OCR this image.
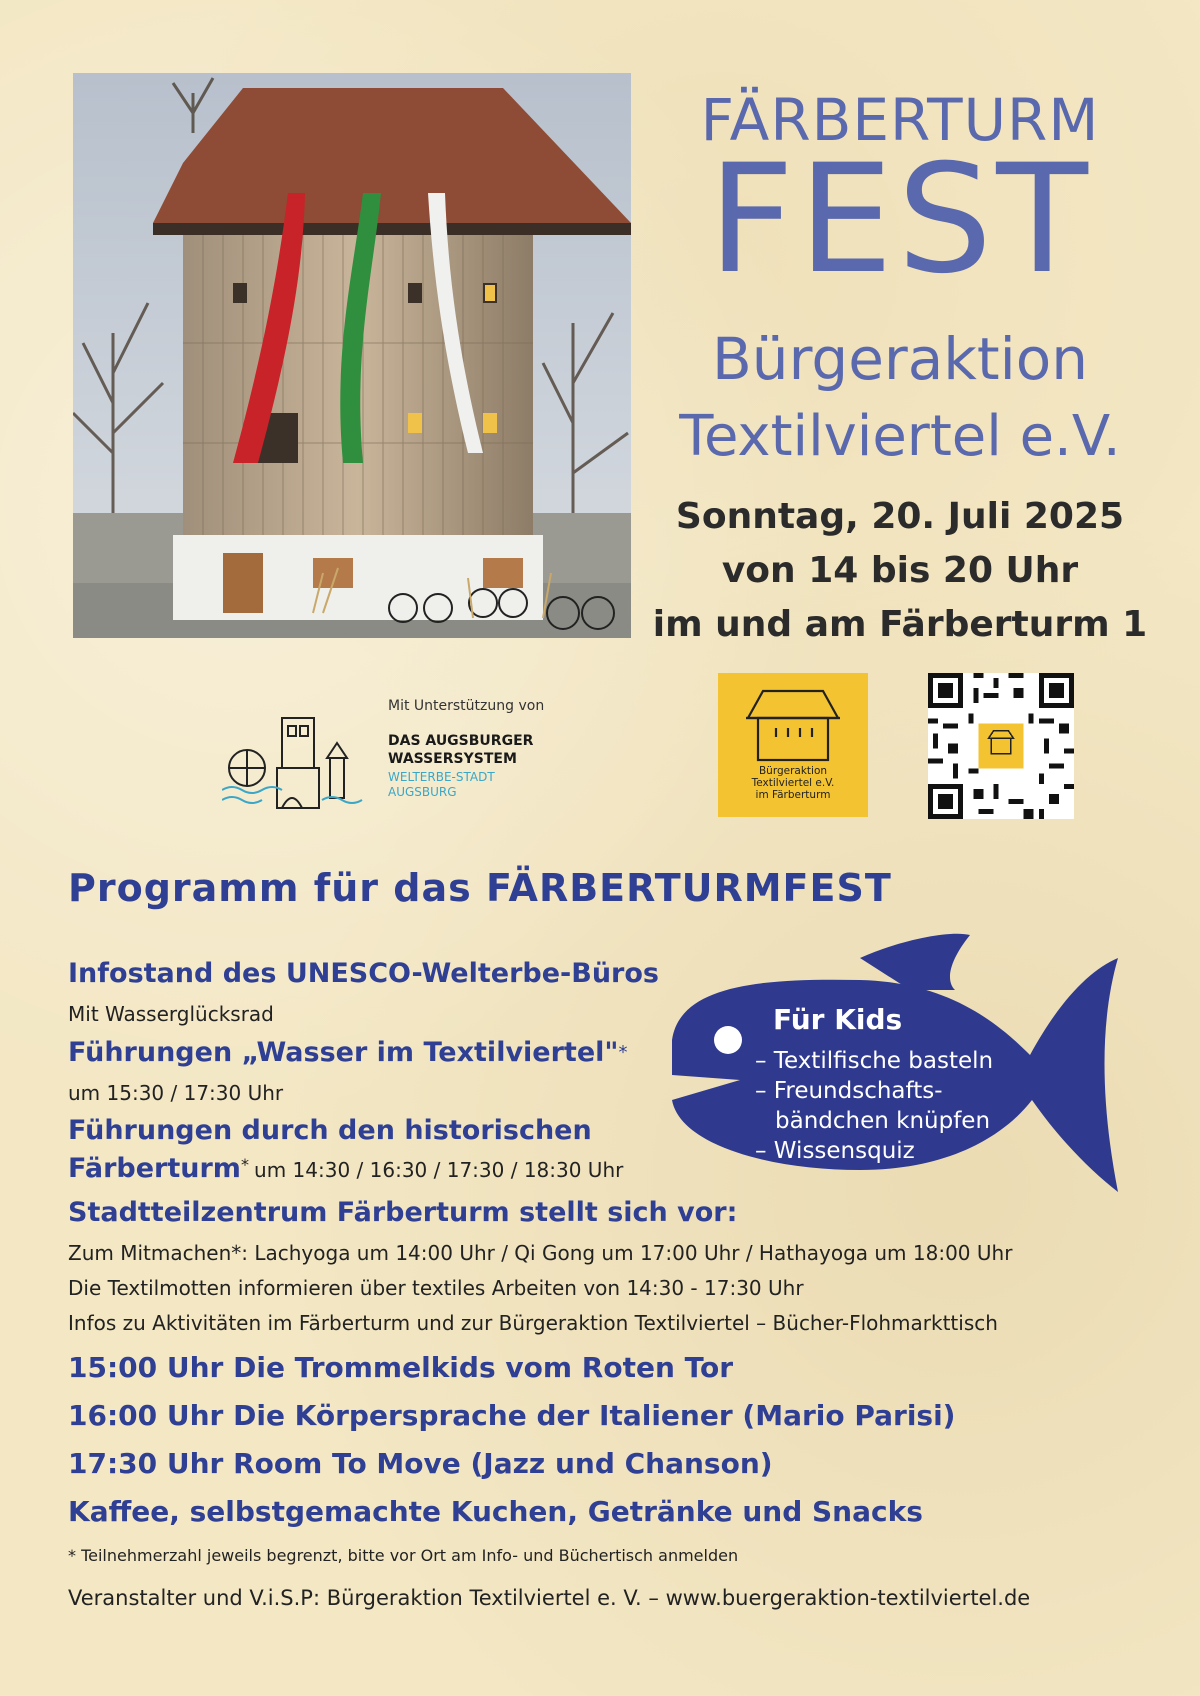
FÄRBERTURM
FEST
Bürgeraktion
Textilviertel e.V.
Sonntag, 20. Juli 2025
von 14 bis 20 Uhr
im und am Färberturm 1
Mit Unterstützung von
DAS AUGSBURGER
WASSERSYSTEM
WELTERBE-STADT
AUGSBURG
Bürgeraktion
Textilviertel e.V.
im Färberturm
Programm für das FÄRBERTURMFEST
Infostand des UNESCO-Welterbe-Büros
Mit Wasserglücksrad
Führungen „Wasser im Textilviertel"*
um 15:30 / 17:30 Uhr
Führungen durch den historischen
Färberturm* um 14:30 / 16:30 / 17:30 / 18:30 Uhr
Stadtteilzentrum Färberturm stellt sich vor:
Zum Mitmachen*: Lachyoga um 14:00 Uhr / Qi Gong um 17:00 Uhr / Hathayoga um 18:00 Uhr
Die Textilmotten informieren über textiles Arbeiten von 14:30 - 17:30 Uhr
Infos zu Aktivitäten im Färberturm und zur Bürgeraktion Textilviertel – Bücher-Flohmarkttisch
15:00 Uhr Die Trommelkids vom Roten Tor
16:00 Uhr Die Körpersprache der Italiener (Mario Parisi)
17:30 Uhr Room To Move (Jazz und Chanson)
Kaffee, selbstgemachte Kuchen, Getränke und Snacks
Für Kids
– Textilfische basteln
– Freundschafts-
bändchen knüpfen
– Wissensquiz
* Teilnehmerzahl jeweils begrenzt, bitte vor Ort am Info- und Büchertisch anmelden
Veranstalter und V.i.S.P: Bürgeraktion Textilviertel e. V. – www.buergeraktion-textilviertel.de
